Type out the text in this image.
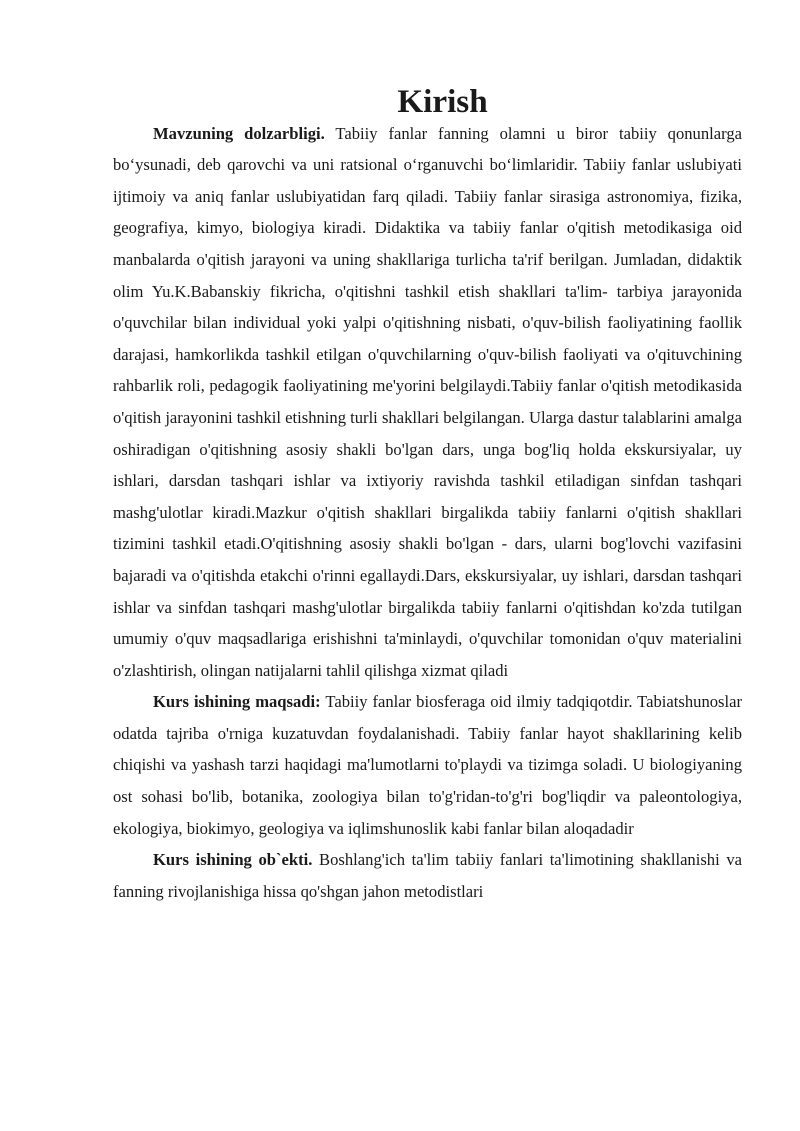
Kirish

Mavzuning dolzarbligi. Tabiiy fanlar fanning olamni u biror tabiiy qonunlarga bo‘ysunadi, deb qarovchi va uni ratsional o‘rganuvchi bo‘limlaridir. Tabiiy fanlar uslubiyati ijtimoiy va aniq fanlar uslubiyatidan farq qiladi. Tabiiy fanlar sirasiga astronomiya, fizika, geografiya, kimyo, biologiya kiradi. Didaktika va tabiiy fanlar o'qitish metodikasiga oid manbalarda o'qitish jarayoni va uning shakllariga turlicha ta'rif berilgan. Jumladan, didaktik olim Yu.K.Babanskiy fikricha, o'qitishni tashkil etish shakllari ta'lim- tarbiya jarayonida o'quvchilar bilan individual yoki yalpi o'qitishning nisbati, o'quv-bilish faoliyatining faollik darajasi, hamkorlikda tashkil etilgan o'quvchilarning o'quv-bilish faoliyati va o'qituvchining rahbarlik roli, pedagogik faoliyatining me'yorini belgilaydi.Tabiiy fanlar o'qitish metodikasida o'qitish jarayonini tashkil etishning turli shakllari belgilangan. Ularga dastur talablarini amalga oshiradigan o'qitishning asosiy shakli bo'lgan dars, unga bog'liq holda ekskursiyalar, uy ishlari, darsdan tashqari ishlar va ixtiyoriy ravishda tashkil etiladigan sinfdan tashqari mashg'ulotlar kiradi.Mazkur o'qitish shakllari birgalikda tabiiy fanlarni o'qitish shakllari tizimini tashkil etadi.O'qitishning asosiy shakli bo'lgan - dars, ularni bog'lovchi vazifasini bajaradi va o'qitishda etakchi o'rinni egallaydi.Dars, ekskursiyalar, uy ishlari, darsdan tashqari ishlar va sinfdan tashqari mashg'ulotlar birgalikda tabiiy fanlarni o'qitishdan ko'zda tutilgan umumiy o'quv maqsadlariga erishishni ta'minlaydi, o'quvchilar tomonidan o'quv materialini o'zlashtirish, olingan natijalarni tahlil qilishga xizmat qiladi

Kurs ishining maqsadi: Tabiiy fanlar biosferaga oid ilmiy tadqiqotdir. Tabiatshunoslar odatda tajriba o'rniga kuzatuvdan foydalanishadi. Tabiiy fanlar hayot shakllarining kelib chiqishi va yashash tarzi haqidagi ma'lumotlarni to'playdi va tizimga soladi. U biologiyaning ost sohasi bo'lib, botanika, zoologiya bilan to'g'ridan-to'g'ri bog'liqdir va paleontologiya, ekologiya, biokimyo, geologiya va iqlimshunoslik kabi fanlar bilan aloqadadir

Kurs ishining ob`ekti. Boshlang'ich ta'lim tabiiy fanlari ta'limotining shakllanishi va fanning rivojlanishiga hissa qo'shgan jahon metodistlari
